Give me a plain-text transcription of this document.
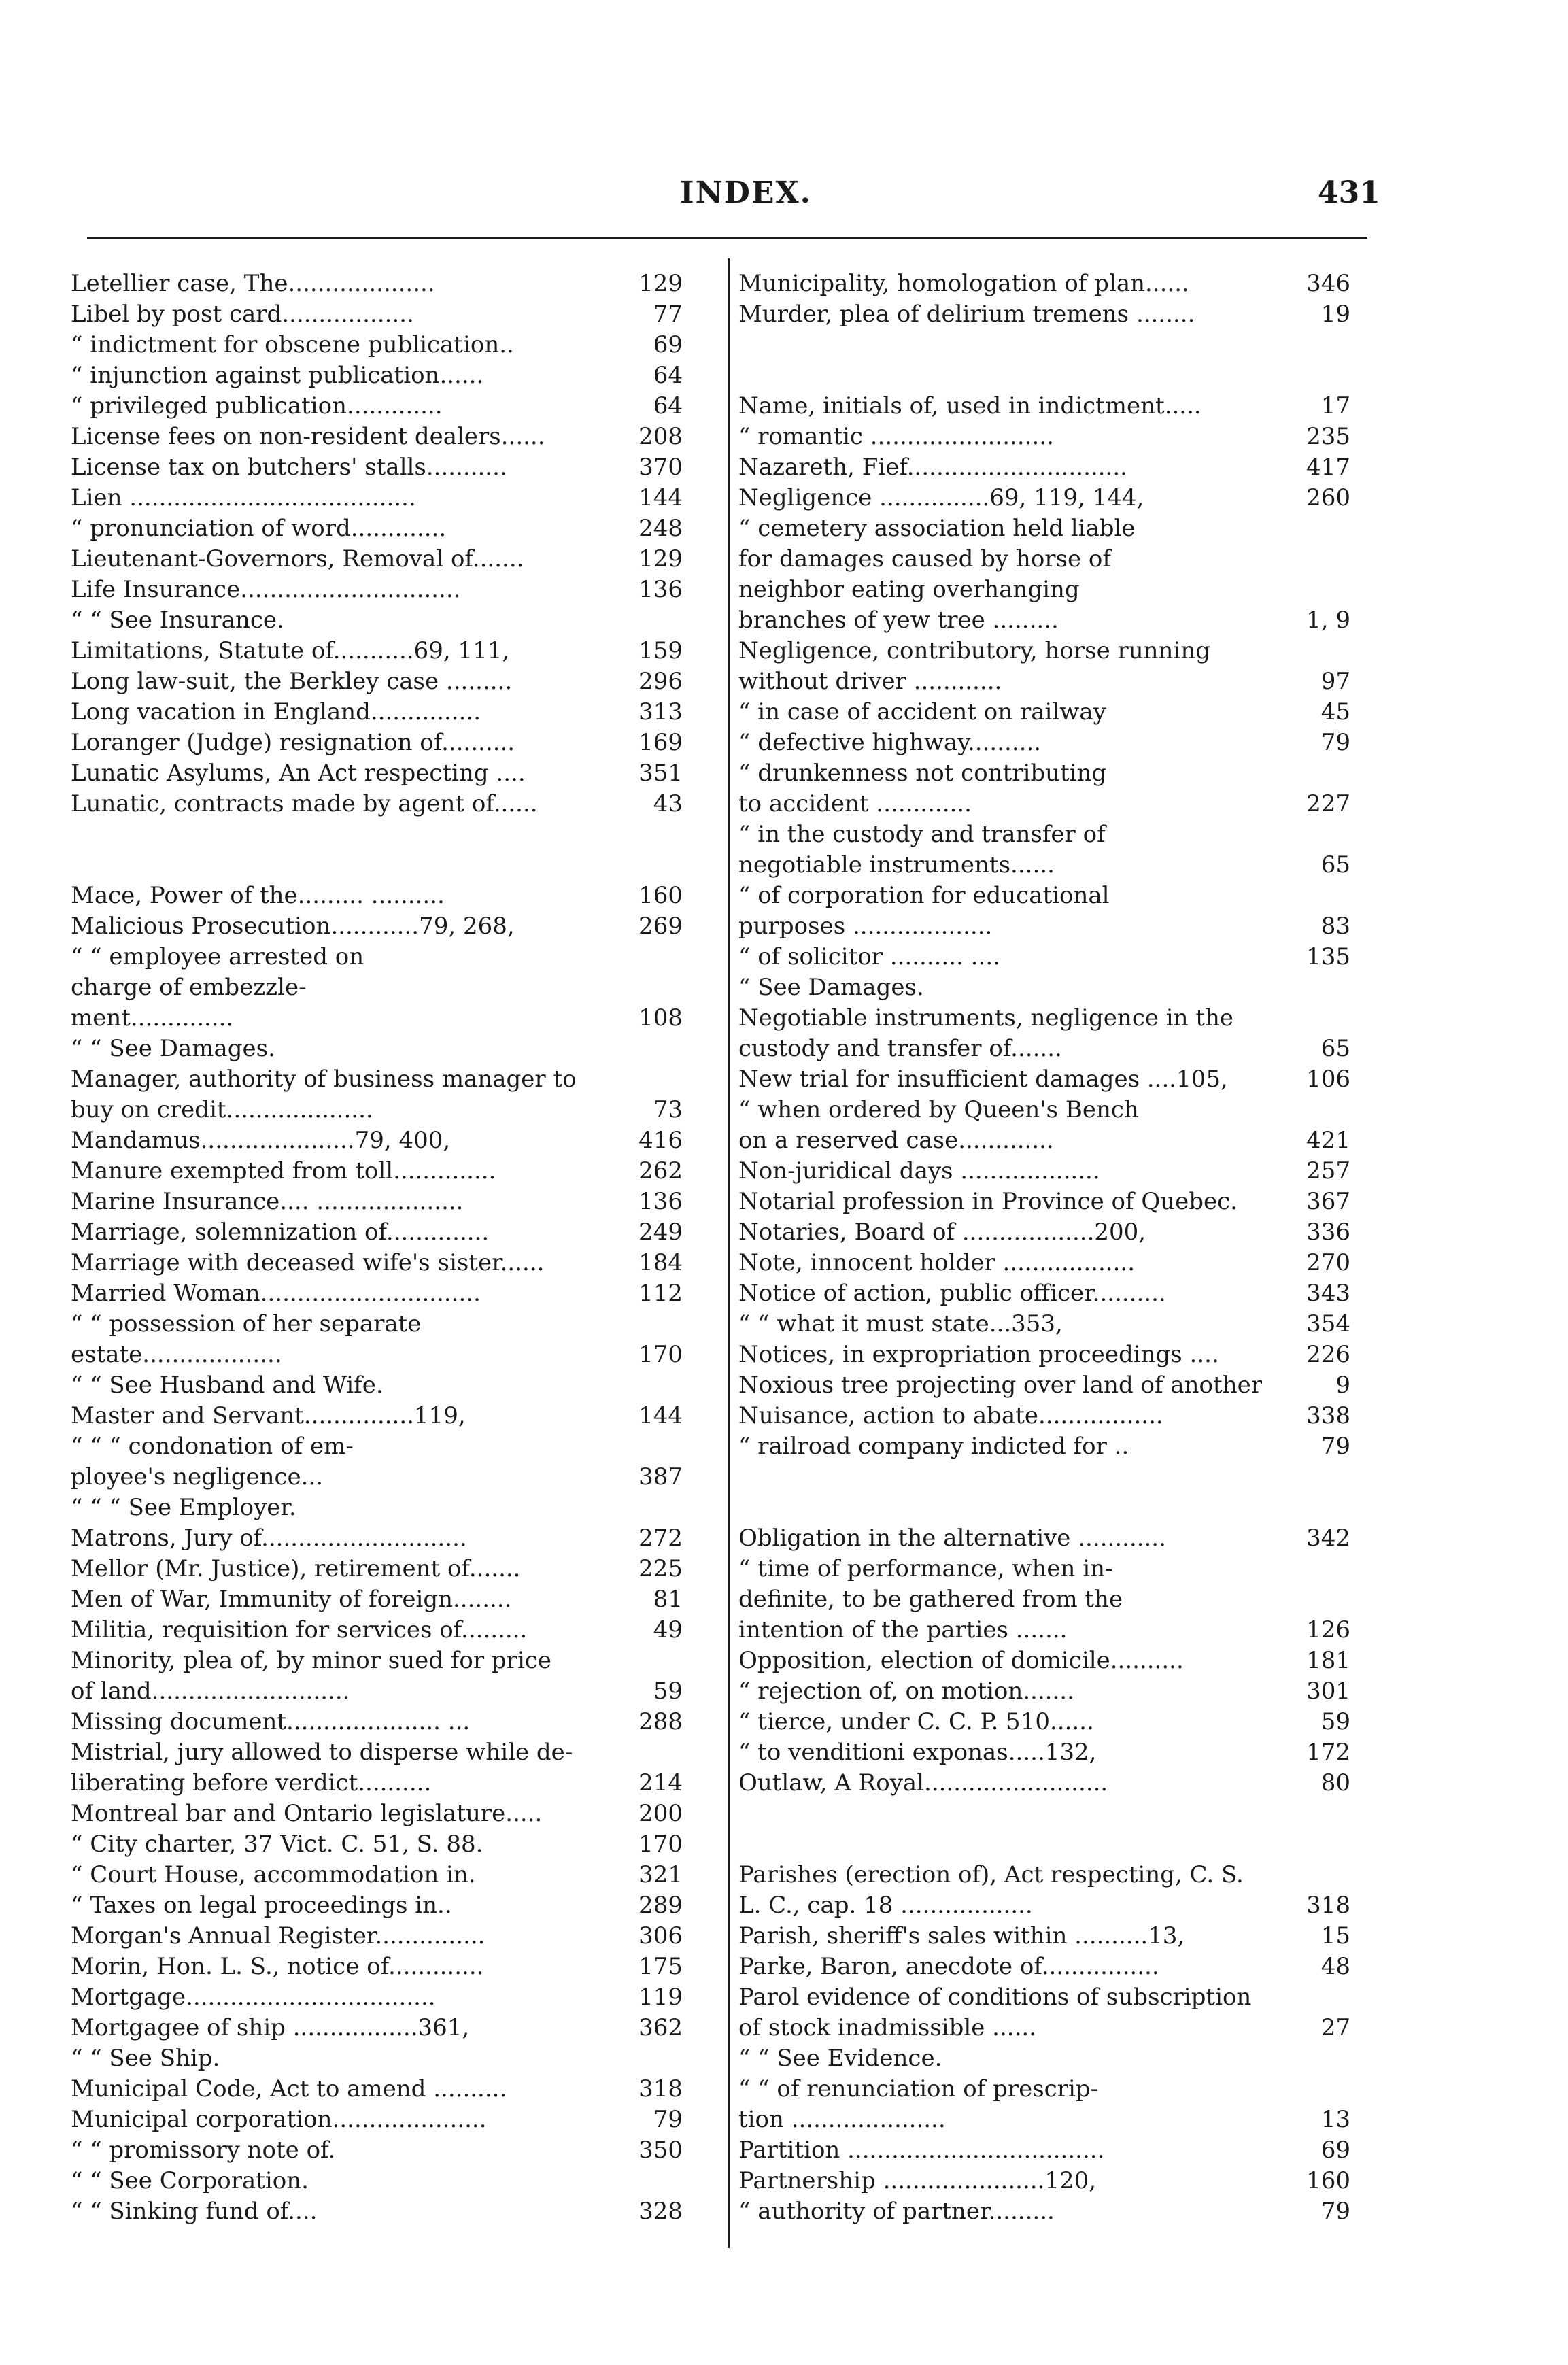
INDEX.	431
Letellier case, The....................	129
Libel by post card..................	77
“ indictment for obscene publication..	69
“ injunction against publication......	64
“ privileged publication.............	64
License fees on non-resident dealers......	208
License tax on butchers' stalls...........	370
Lien .......................................	144
“ pronunciation of word.............	248
Lieutenant-Governors, Removal of.......	129
Life Insurance..............................	136
“ “ See Insurance.
Limitations, Statute of...........69, 111,	159
Long law-suit, the Berkley case .........	296
Long vacation in England...............	313
Loranger (Judge) resignation of..........	169
Lunatic Asylums, An Act respecting ....	351
Lunatic, contracts made by agent of......	43
Mace, Power of the......... ..........	160
Malicious Prosecution............79, 268,	269
“ “ employee arrested on
charge of embezzle-
ment..............	108
“ “ See Damages.
Manager, authority of business manager to
buy on credit....................	73
Mandamus.....................79, 400,	416
Manure exempted from toll..............	262
Marine Insurance.... ....................	136
Marriage, solemnization of..............	249
Marriage with deceased wife's sister......	184
Married Woman..............................	112
“ “ possession of her separate
estate...................	170
“ “ See Husband and Wife.
Master and Servant...............119,	144
“ “ “ condonation of em-
ployee's negligence...	387
“ “ “ See Employer.
Matrons, Jury of............................	272
Mellor (Mr. Justice), retirement of.......	225
Men of War, Immunity of foreign........	81
Militia, requisition for services of.........	49
Minority, plea of, by minor sued for price
of land...........................	59
Missing document..................... ...	288
Mistrial, jury allowed to disperse while de-
liberating before verdict..........	214
Montreal bar and Ontario legislature.....	200
“ City charter, 37 Vict. C. 51, S. 88.	170
“ Court House, accommodation in.	321
“ Taxes on legal proceedings in..	289
Morgan's Annual Register...............	306
Morin, Hon. L. S., notice of.............	175
Mortgage..................................	119
Mortgagee of ship .................361,	362
“ “ See Ship.
Municipal Code, Act to amend ..........	318
Municipal corporation.....................	79
“ “ promissory note of.	350
“ “ See Corporation.
“ “ Sinking fund of....	328
Municipality, homologation of plan......	346
Murder, plea of delirium tremens ........	19
Name, initials of, used in indictment.....	17
“ romantic .........................	235
Nazareth, Fief..............................	417
Negligence ...............69, 119, 144,	260
“ cemetery association held liable
for damages caused by horse of
neighbor eating overhanging
branches of yew tree .........	1, 9
Negligence, contributory, horse running
without driver ............	97
“ in case of accident on railway	45
“ defective highway..........	79
“ drunkenness not contributing
to accident .............	227
“ in the custody and transfer of
negotiable instruments......	65
“ of corporation for educational
purposes ...................	83
“ of solicitor .......... ....	135
“ See Damages.
Negotiable instruments, negligence in the
custody and transfer of.......	65
New trial for insufficient damages ....105,	106
“ when ordered by Queen's Bench
on a reserved case.............	421
Non-juridical days ...................	257
Notarial profession in Province of Quebec.	367
Notaries, Board of ..................200,	336
Note, innocent holder ..................	270
Notice of action, public officer..........	343
“ “ what it must state...353,	354
Notices, in expropriation proceedings ....	226
Noxious tree projecting over land of another	9
Nuisance, action to abate.................	338
“ railroad company indicted for ..	79
Obligation in the alternative ............	342
“ time of performance, when in-
definite, to be gathered from the
intention of the parties .......	126
Opposition, election of domicile..........	181
“ rejection of, on motion.......	301
“ tierce, under C. C. P. 510......	59
“ to venditioni exponas.....132,	172
Outlaw, A Royal.........................	80
Parishes (erection of), Act respecting, C. S.
L. C., cap. 18 ..................	318
Parish, sheriff's sales within ..........13,	15
Parke, Baron, anecdote of................	48
Parol evidence of conditions of subscription
of stock inadmissible ......	27
“ “ See Evidence.
“ “ of renunciation of prescrip-
tion .....................	13
Partition ...................................	69
Partnership ......................120,	160
“ authority of partner.........	79
